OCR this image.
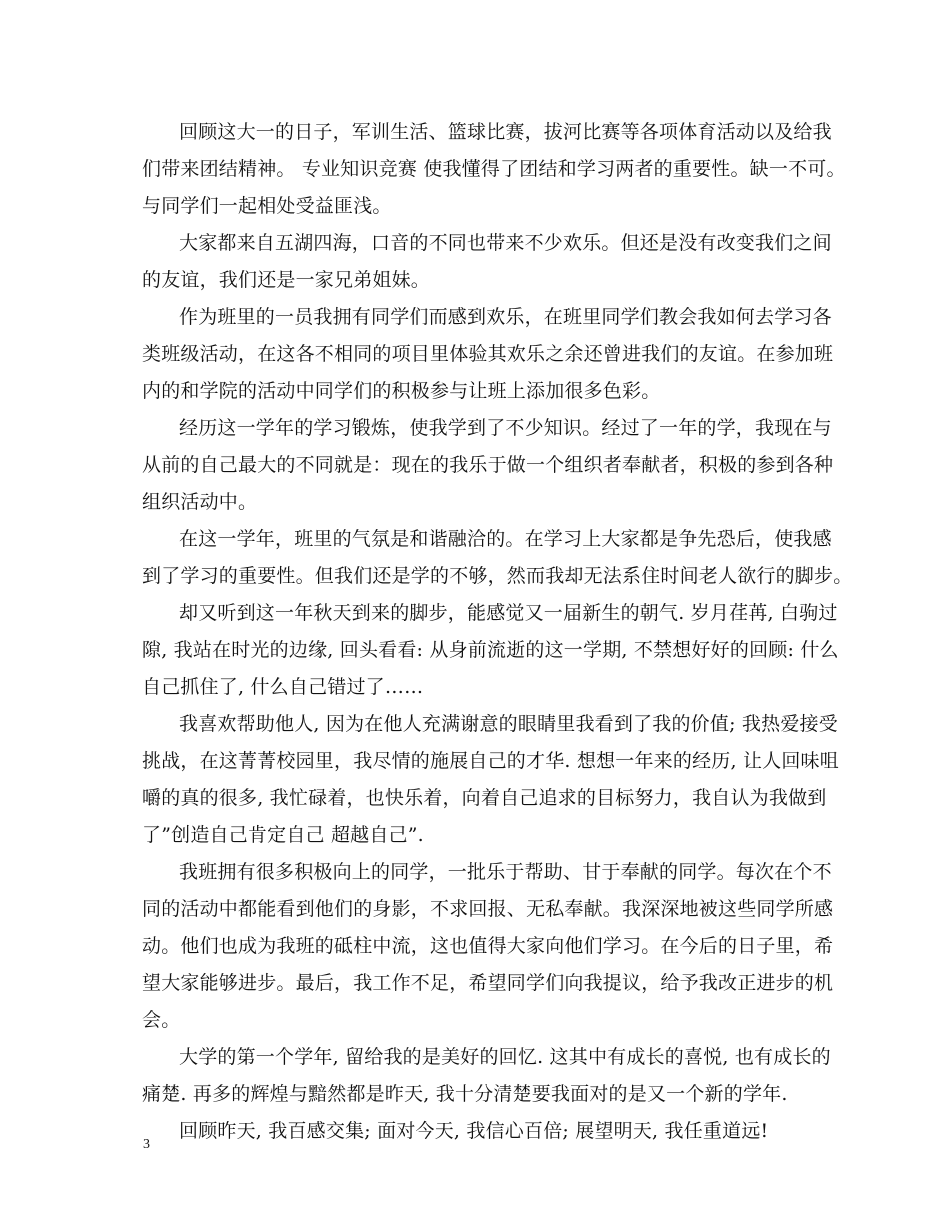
回顾这大一的日子，军训生活、篮球比赛，拔河比赛等各项体育活动以及给我
们带来团结精神。 专业知识竞赛 使我懂得了团结和学习两者的重要性。缺一不可。
与同学们一起相处受益匪浅。
大家都来自五湖四海，口音的不同也带来不少欢乐。但还是没有改变我们之间
的友谊，我们还是一家兄弟姐妹。
作为班里的一员我拥有同学们而感到欢乐，在班里同学们教会我如何去学习各
类班级活动，在这各不相同的项目里体验其欢乐之余还曾进我们的友谊。在参加班
内的和学院的活动中同学们的积极参与让班上添加很多色彩。
经历这一学年的学习锻炼，使我学到了不少知识。经过了一年的学，我现在与
从前的自己最大的不同就是：现在的我乐于做一个组织者奉献者，积极的参到各种
组织活动中。
在这一学年，班里的气氛是和谐融洽的。在学习上大家都是争先恐后，使我感
到了学习的重要性。但我们还是学的不够，然而我却无法系住时间老人欲行的脚步。
却又听到这一年秋天到来的脚步，能感觉又一届新生的朝气. 岁月荏苒, 白驹过
隙, 我站在时光的边缘, 回头看看: 从身前流逝的这一学期, 不禁想好好的回顾: 什么
自己抓住了, 什么自己错过了……
我喜欢帮助他人, 因为在他人充满谢意的眼睛里我看到了我的价值; 我热爱接受
挑战，在这菁菁校园里，我尽情的施展自己的才华. 想想一年来的经历, 让人回味咀
嚼的真的很多, 我忙碌着，也快乐着，向着自己追求的目标努力，我自认为我做到
了”创造自己肯定自己 超越自己”.
我班拥有很多积极向上的同学，一批乐于帮助、甘于奉献的同学。每次在个不
同的活动中都能看到他们的身影，不求回报、无私奉献。我深深地被这些同学所感
动。他们也成为我班的砥柱中流，这也值得大家向他们学习。在今后的日子里，希
望大家能够进步。最后，我工作不足，希望同学们向我提议，给予我改正进步的机
会。
大学的第一个学年, 留给我的是美好的回忆. 这其中有成长的喜悦, 也有成长的
痛楚. 再多的辉煌与黯然都是昨天, 我十分清楚要我面对的是又一个新的学年.
回顾昨天, 我百感交集; 面对今天, 我信心百倍; 展望明天, 我任重道远!
3
